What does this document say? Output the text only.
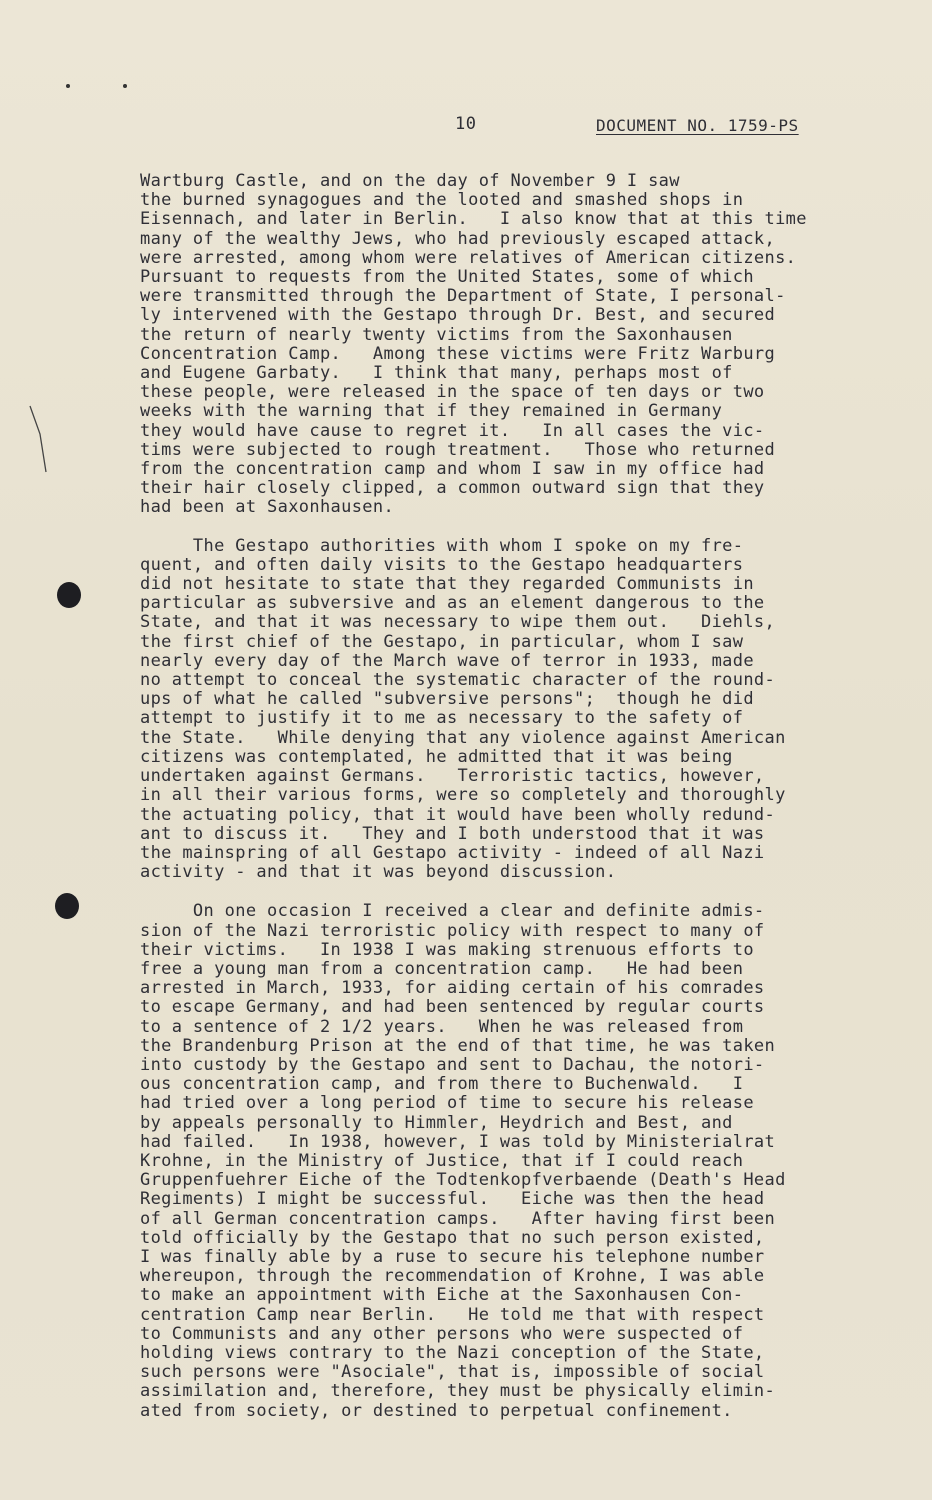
10	DOCUMENT NO. 1759-PS

Wartburg Castle, and on the day of November 9 I saw

the burned synagogues and the looted and smashed shops in

Eisennach, and later in Berlin.   I also know that at this time

many of the wealthy Jews, who had previously escaped attack,

were arrested, among whom were relatives of American citizens.

Pursuant to requests from the United States, some of which

were transmitted through the Department of State, I personal-

ly intervened with the Gestapo through Dr. Best, and secured

the return of nearly twenty victims from the Saxonhausen

Concentration Camp.   Among these victims were Fritz Warburg

and Eugene Garbaty.   I think that many, perhaps most of

these people, were released in the space of ten days or two

weeks with the warning that if they remained in Germany

they would have cause to regret it.   In all cases the vic-

tims were subjected to rough treatment.   Those who returned

from the concentration camp and whom I saw in my office had

their hair closely clipped, a common outward sign that they

had been at Saxonhausen.

The Gestapo authorities with whom I spoke on my fre-

quent, and often daily visits to the Gestapo headquarters

did not hesitate to state that they regarded Communists in

particular as subversive and as an element dangerous to the

State, and that it was necessary to wipe them out.   Diehls,

the first chief of the Gestapo, in particular, whom I saw

nearly every day of the March wave of terror in 1933, made

no attempt to conceal the systematic character of the round-

ups of what he called "subversive persons";  though he did

attempt to justify it to me as necessary to the safety of

the State.   While denying that any violence against American

citizens was contemplated, he admitted that it was being

undertaken against Germans.   Terroristic tactics, however,

in all their various forms, were so completely and thoroughly

the actuating policy, that it would have been wholly redund-

ant to discuss it.   They and I both understood that it was

the mainspring of all Gestapo activity - indeed of all Nazi

activity - and that it was beyond discussion.

On one occasion I received a clear and definite admis-

sion of the Nazi terroristic policy with respect to many of

their victims.   In 1938 I was making strenuous efforts to

free a young man from a concentration camp.   He had been

arrested in March, 1933, for aiding certain of his comrades

to escape Germany, and had been sentenced by regular courts

to a sentence of 2 1/2 years.   When he was released from

the Brandenburg Prison at the end of that time, he was taken

into custody by the Gestapo and sent to Dachau, the notori-

ous concentration camp, and from there to Buchenwald.   I

had tried over a long period of time to secure his release

by appeals personally to Himmler, Heydrich and Best, and

had failed.   In 1938, however, I was told by Ministerialrat

Krohne, in the Ministry of Justice, that if I could reach

Gruppenfuehrer Eiche of the Todtenkopfverbaende (Death's Head

Regiments) I might be successful.   Eiche was then the head

of all German concentration camps.   After having first been

told officially by the Gestapo that no such person existed,

I was finally able by a ruse to secure his telephone number

whereupon, through the recommendation of Krohne, I was able

to make an appointment with Eiche at the Saxonhausen Con-

centration Camp near Berlin.   He told me that with respect

to Communists and any other persons who were suspected of

holding views contrary to the Nazi conception of the State,

such persons were "Asociale", that is, impossible of social

assimilation and, therefore, they must be physically elimin-

ated from society, or destined to perpetual confinement.
